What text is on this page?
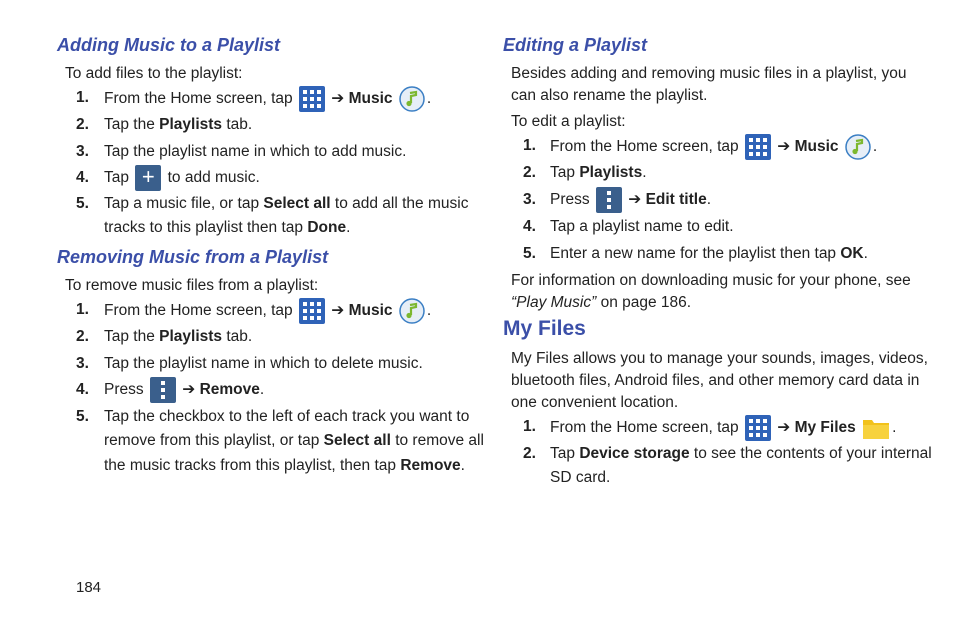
Adding Music to a Playlist
To add files to the playlist:
1. From the Home screen, tap
➔ Music .
2. Tap the Playlists tab.
3. Tap the playlist name in which to add music.
4. Tap + to add music.
5. Tap a music file, or tap Select all to add all the music
tracks to this playlist then tap Done.
Removing Music from a Playlist
To remove music files from a playlist:
1. From the Home screen, tap
➔ Music .
2. Tap the Playlists tab.
3. Tap the playlist name in which to delete music.
4. Press  ➔ Remove.
5. Tap the checkbox to the left of each track you want to
remove from this playlist, or tap Select all to remove all
the music tracks from this playlist, then tap Remove.
Editing a Playlist
Besides adding and removing music files in a playlist, you
can also rename the playlist.
To edit a playlist:
1. From the Home screen, tap
➔ Music .
2. Tap Playlists.
3. Press  ➔ Edit title.
4. Tap a playlist name to edit.
5. Enter a new name for the playlist then tap OK.
For information on downloading music for your phone, see
“Play Music” on page 186.
My Files
My Files allows you to manage your sounds, images, videos,
bluetooth files, Android files, and other memory card data in
one convenient location.
1. From the Home screen, tap
➔ My Files .
2. Tap Device storage to see the contents of your internal
SD card.
184
